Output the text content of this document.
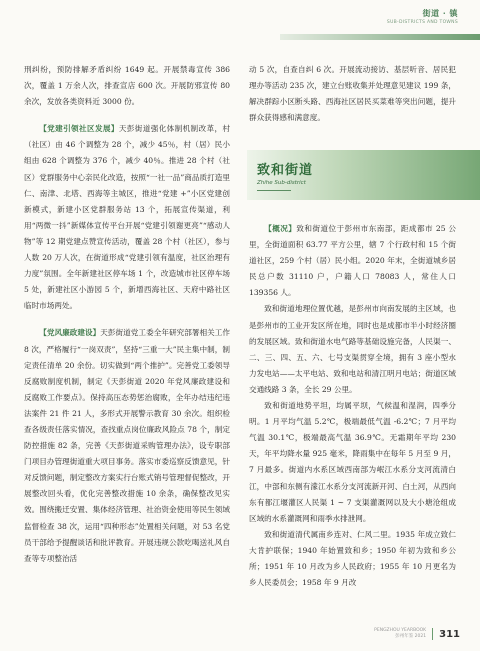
街道 · 镇
SUB-DISTRICTS AND TOWNS

刑纠纷，预防排解矛盾纠纷 1649 起。开展禁毒宣传 386 次，覆盖 1 万余人次，排查宣店 600 次。开展防邪宣传 80 余次，发放各类资料近 3000 份。

【党建引领社区发展】天彭街道强化体制机制改革，村（社区）由 46 个调整为 28 个，减少 45％，村（居）民小组由 628 个调整为 376 个，减少 40％。推进 28 个村（社区）党群服务中心亲民化改造，按照“一社一品”商品质打造里仁、南津、北塔、西海等主城区，推进“党建 +”小区党建创新模式，新建小区党群服务站 13 个，拓展宣传渠道，利用“两微一抖”新媒体宣传平台开展“党建引领谢更亮”“感动人物”等 12 期党建点赞宣传活动，覆盖 28 个村（社区），参与人数 20 万人次，在街道形成“党建引领有温度，社区治理有力度”氛围。全年新建社区停车场 1 个，改造城市社区停车场 5 处，新建社区小游园 5 个，新增西海社区、天府中路社区临时市场两处。

【党风廉政建设】天彭街道党工委全年研究部署相关工作 8 次，严格履行“一岗双责”，坚持“三重一大”民主集中制，制定责任清单 20 余份。切实做到“两个推护”。完善党工委领导反腐败制度机制，制定《天彭街道 2020 年党风廉政建设和反腐败工作要点》。保持高压态势惩治腐败，全年办结违纪违法案件 21 件 21 人，多形式开展警示教育 30 余次。组织检查各级责任落实情况，查找重点岗位廉政风险点 78 个，制定防控措施 82 条，完善《天彭街道采购管理办法》，设专职部门项目办管理街道重大项目事务。落实市委巡察反馈意见，针对反馈问题，制定整改方案实行台账式销号管理督促整改，开展整改回头看，优化完善整改措施 10 余条，确保整改见实效。围绕搬迁安置、集体经济管理、社治资金使用等民生领域监督检查 38 次，运用“四种形态”处置相关问题，对 53 名党员干部给予提醒谈话和批评教育。开展违规公款吃喝送礼风自查等专项整治活

动 5 次，自查自纠 6 次。开展流动接访、基层听音、居民犯理办等活动 235 次，建立台账收集并处理意见建议 199 条，解决群踪小区断头路、西海社区居民买菜难等突出问题，提升群众获得感和满意度。

致和街道
Zhihe Sub-district

【概况】致和街道位于彭州市东南部，距成都市 25 公里，全街道面积 63.77 平方公里，辖 7 个行政村和 15 个街道社区，259 个村（居）民小组。2020 年末，全街道城乡居民总户数 31110 户，户籍人口 78083 人，常住人口 139356 人。

致和街道地理位置优越，是彭州市向南发展的主区域，也是彭州市的工业开发区所在地，同时也是成都市半小时经济圈的发展区域。致和街道水电气路等基础设施完备，人民渠一、二、三、四、五、六、七号支渠贯穿全境，拥有 3 座小型水力发电站——太平电站、致和电站和清江明月电站；街道区域交通线路 3 条，全长 29 公里。

致和街道地势平坦，均属平坝，气候温和湿润，四季分明。1 月平均气温 5.2℃，极端最低气温 -6.2℃；7 月平均气温 30.1℃，极端最高气温 36.9℃。无霜期年平均 230 天，年平均降水量 925 毫米，降雨集中在每年 5 月至 9 月，7 月最多。街道内水系区域西南部为岷江水系分支河流清白江，中部和东侧有濛江水系分支河流新开河、白土河，从西向东有都江堰灌区人民渠 1 ~ 7 支渠灌溉网以及大小塘沧组成区域的水系灌溉网和雨季水排泄网。

致和街道清代属南乡连对、仁风二里。1935 年成立致仁大肯护联保；1940 年始置致和乡；1950 年初为致和乡公所；1951 年 10 月改为乡人民政府；1955 年 10 月更名为乡人民委员会；1958 年 9 月改

PENGZHOU YEARBOOK
彭州年鉴 2021 311
